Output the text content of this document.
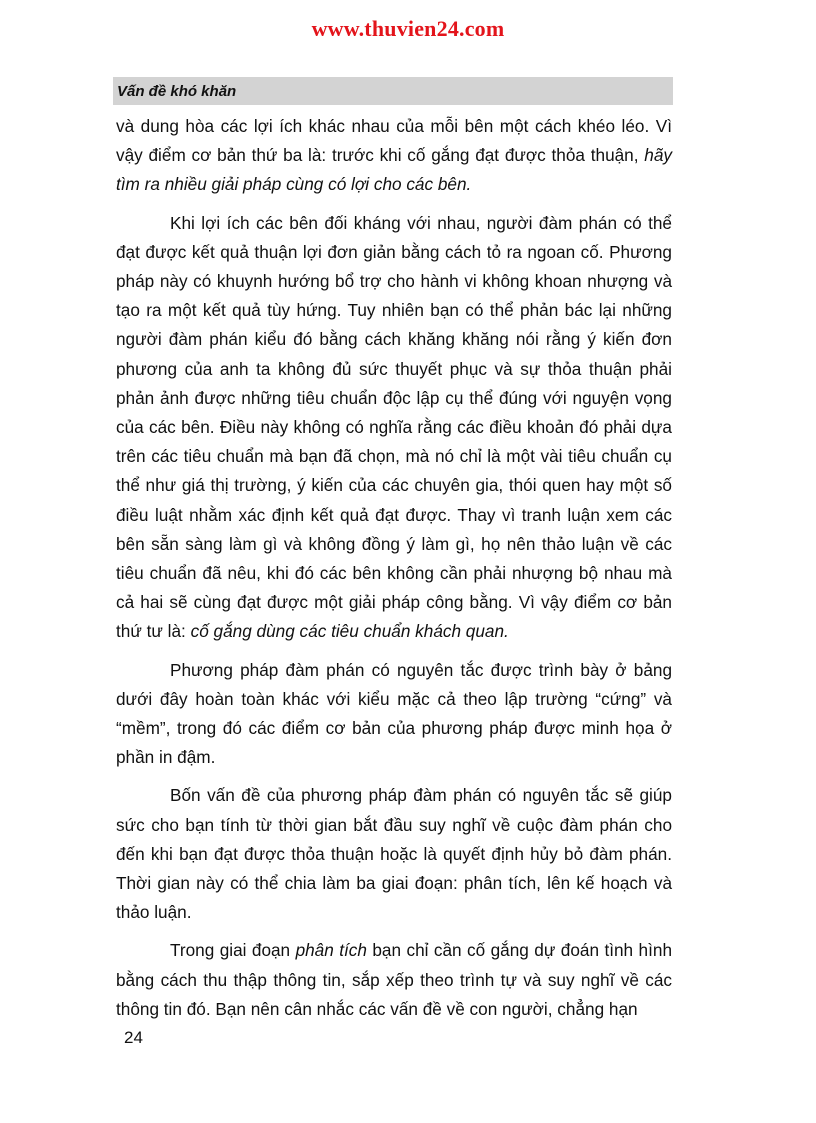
www.thuvien24.com
Vấn đề khó khăn

và dung hòa các lợi ích khác nhau của mỗi bên một cách khéo léo. Vì vậy điểm cơ bản thứ ba là: trước khi cố gắng đạt được thỏa thuận, hãy tìm ra nhiều giải pháp cùng có lợi cho các bên.

Khi lợi ích các bên đối kháng với nhau, người đàm phán có thể đạt được kết quả thuận lợi đơn giản bằng cách tỏ ra ngoan cố. Phương pháp này có khuynh hướng bổ trợ cho hành vi không khoan nhượng và tạo ra một kết quả tùy hứng. Tuy nhiên bạn có thể phản bác lại những người đàm phán kiểu đó bằng cách khăng khăng nói rằng ý kiến đơn phương của anh ta không đủ sức thuyết phục và sự thỏa thuận phải phản ảnh được những tiêu chuẩn độc lập cụ thể đúng với nguyện vọng của các bên. Điều này không có nghĩa rằng các điều khoản đó phải dựa trên các tiêu chuẩn mà bạn đã chọn, mà nó chỉ là một vài tiêu chuẩn cụ thể như giá thị trường, ý kiến của các chuyên gia, thói quen hay một số điều luật nhằm xác định kết quả đạt được. Thay vì tranh luận xem các bên sẵn sàng làm gì và không đồng ý làm gì, họ nên thảo luận về các tiêu chuẩn đã nêu, khi đó các bên không cần phải nhượng bộ nhau mà cả hai sẽ cùng đạt được một giải pháp công bằng. Vì vậy điểm cơ bản thứ tư là: cố gắng dùng các tiêu chuẩn khách quan.

Phương pháp đàm phán có nguyên tắc được trình bày ở bảng dưới đây hoàn toàn khác với kiểu mặc cả theo lập trường “cứng” và “mềm”, trong đó các điểm cơ bản của phương pháp được minh họa ở phần in đậm.

Bốn vấn đề của phương pháp đàm phán có nguyên tắc sẽ giúp sức cho bạn tính từ thời gian bắt đầu suy nghĩ về cuộc đàm phán cho đến khi bạn đạt được thỏa thuận hoặc là quyết định hủy bỏ đàm phán. Thời gian này có thể chia làm ba giai đoạn: phân tích, lên kế hoạch và thảo luận.

Trong giai đoạn phân tích bạn chỉ cần cố gắng dự đoán tình hình bằng cách thu thập thông tin, sắp xếp theo trình tự và suy nghĩ về các thông tin đó. Bạn nên cân nhắc các vấn đề về con người, chẳng hạn

24
